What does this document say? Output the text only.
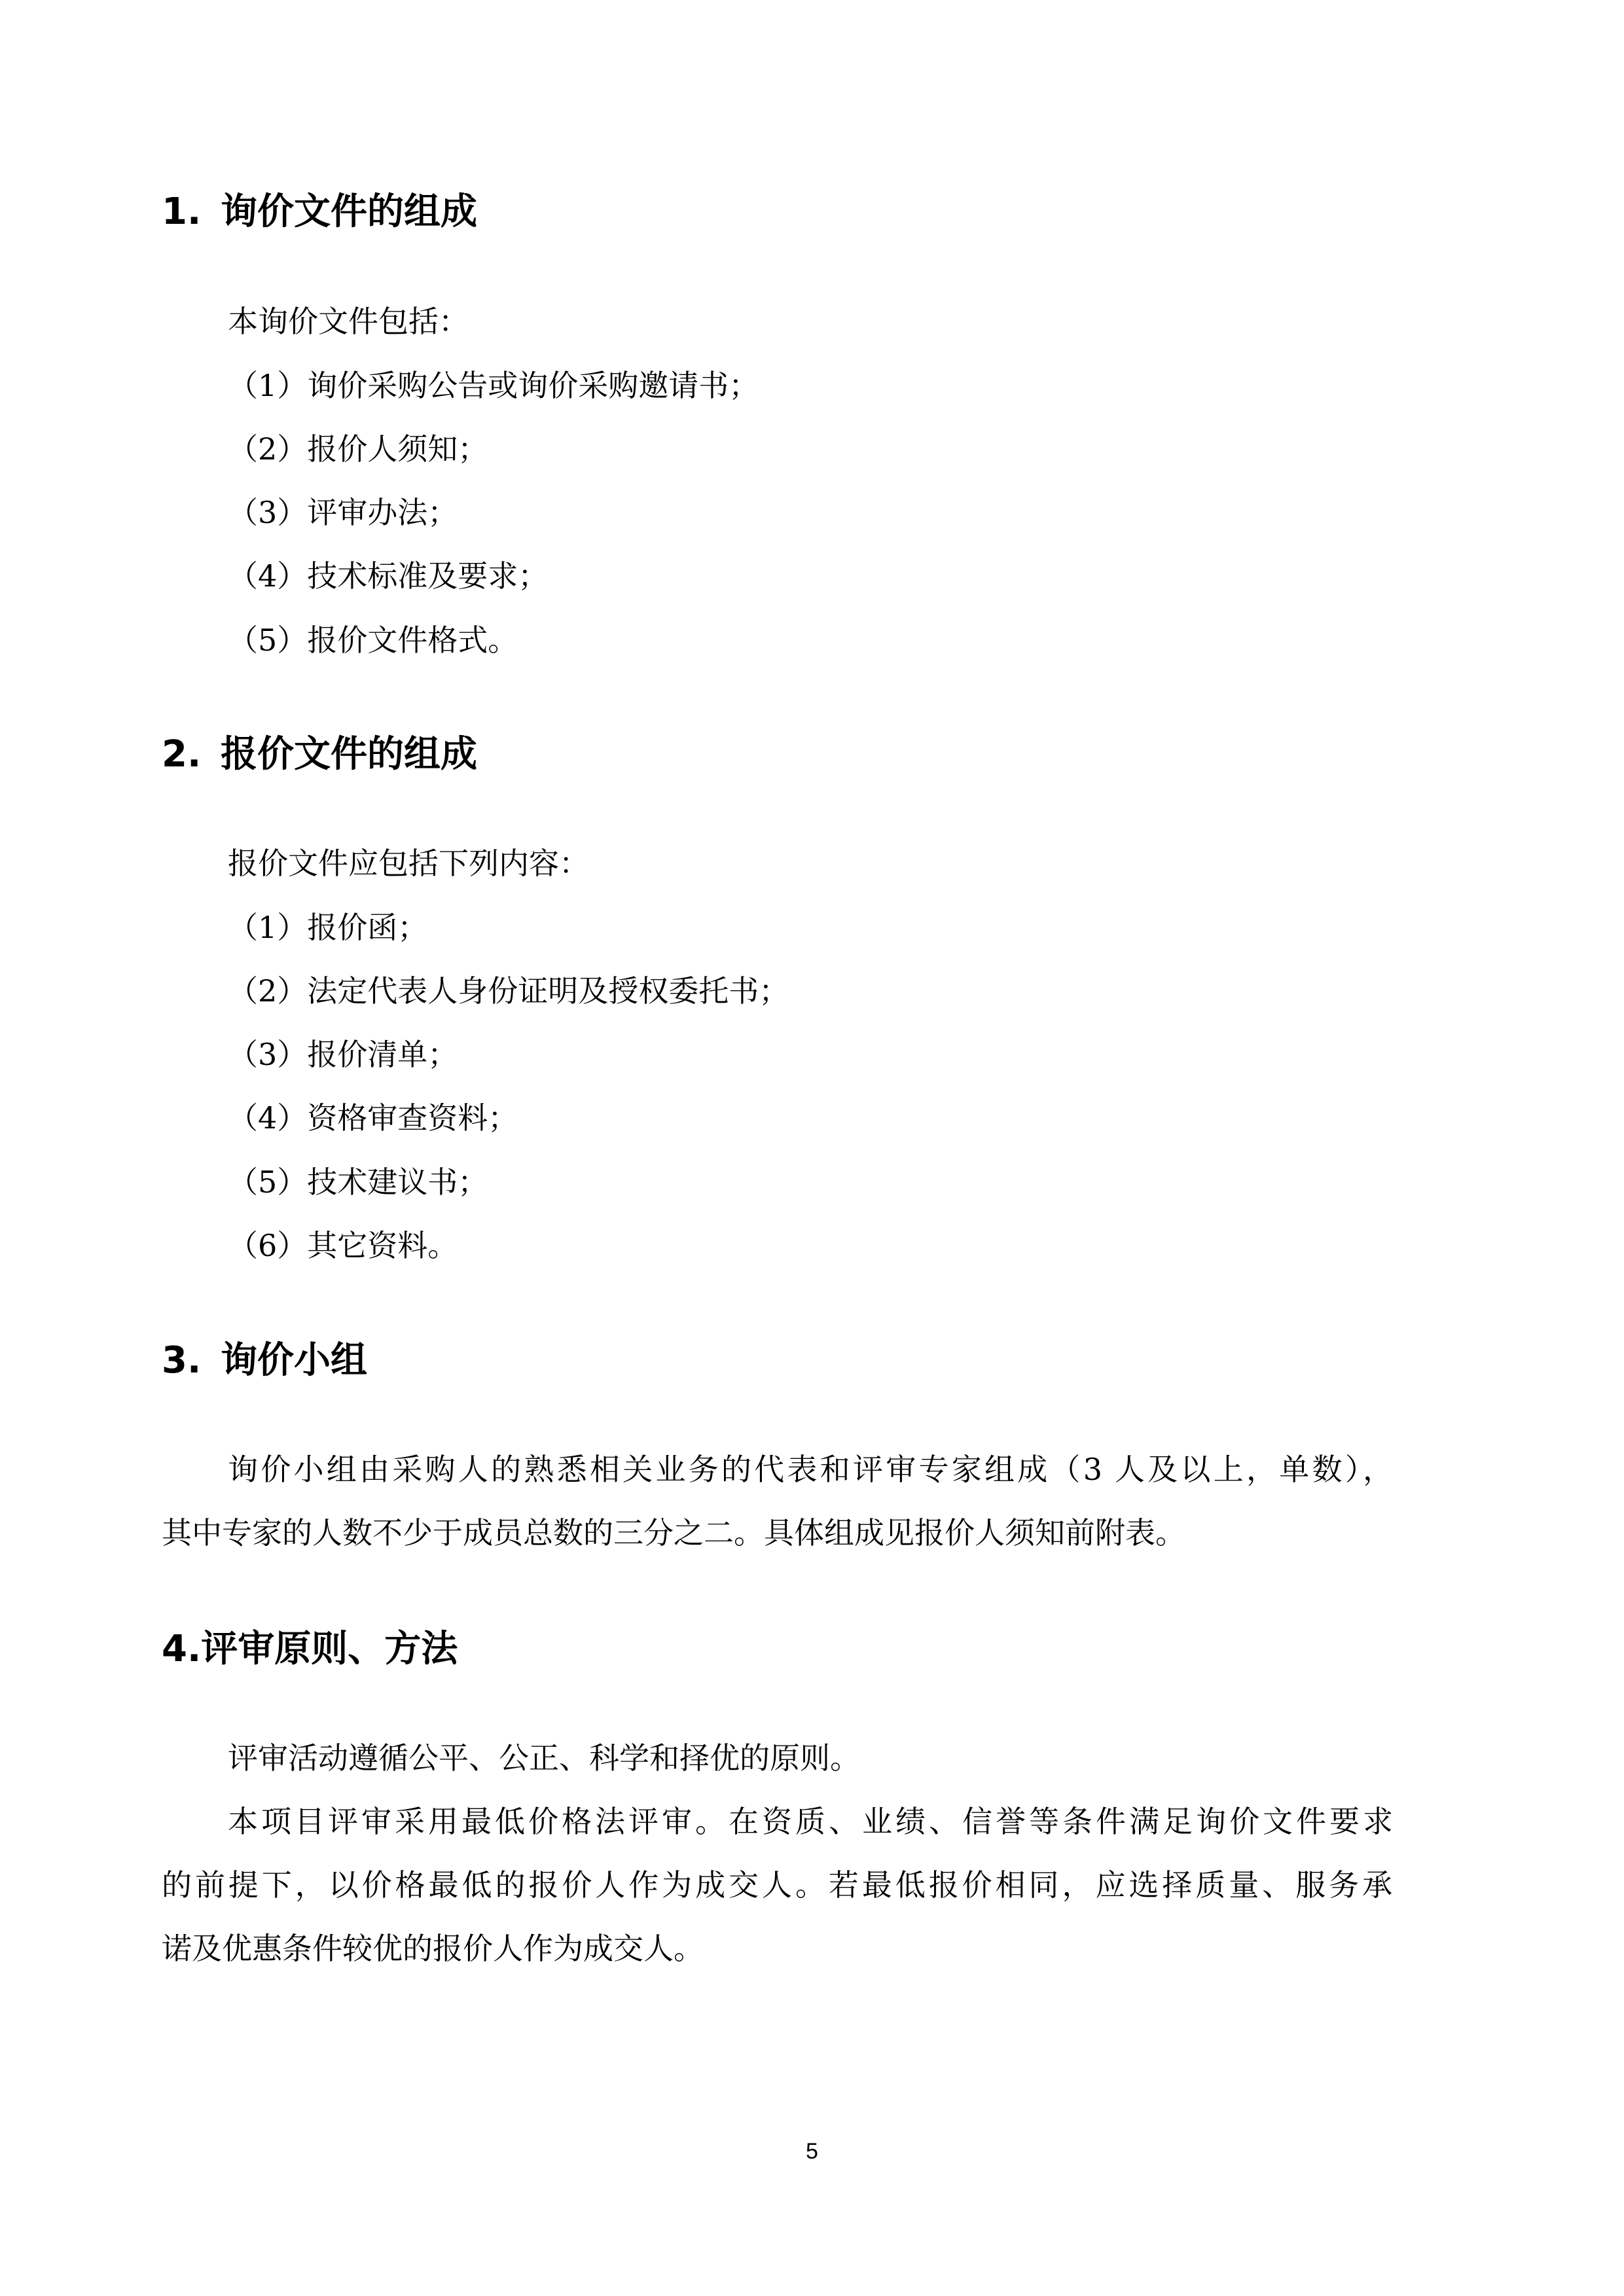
1. 询价文件的组成
本询价文件包括：
（1）询价采购公告或询价采购邀请书；
（2）报价人须知；
（3）评审办法；
（4）技术标准及要求；
（5）报价文件格式。
2. 报价文件的组成
报价文件应包括下列内容：
（1）报价函；
（2）法定代表人身份证明及授权委托书；
（3）报价清单；
（4）资格审查资料；
（5）技术建议书；
（6）其它资料。
3. 询价小组
询价小组由采购人的熟悉相关业务的代表和评审专家组成（3 人及以上，单数），
其中专家的人数不少于成员总数的三分之二。具体组成见报价人须知前附表。
4.评审原则、方法
评审活动遵循公平、公正、科学和择优的原则。
本项目评审采用最低价格法评审。在资质、业绩、信誉等条件满足询价文件要求
的前提下，以价格最低的报价人作为成交人。若最低报价相同，应选择质量、服务承
诺及优惠条件较优的报价人作为成交人。
5
